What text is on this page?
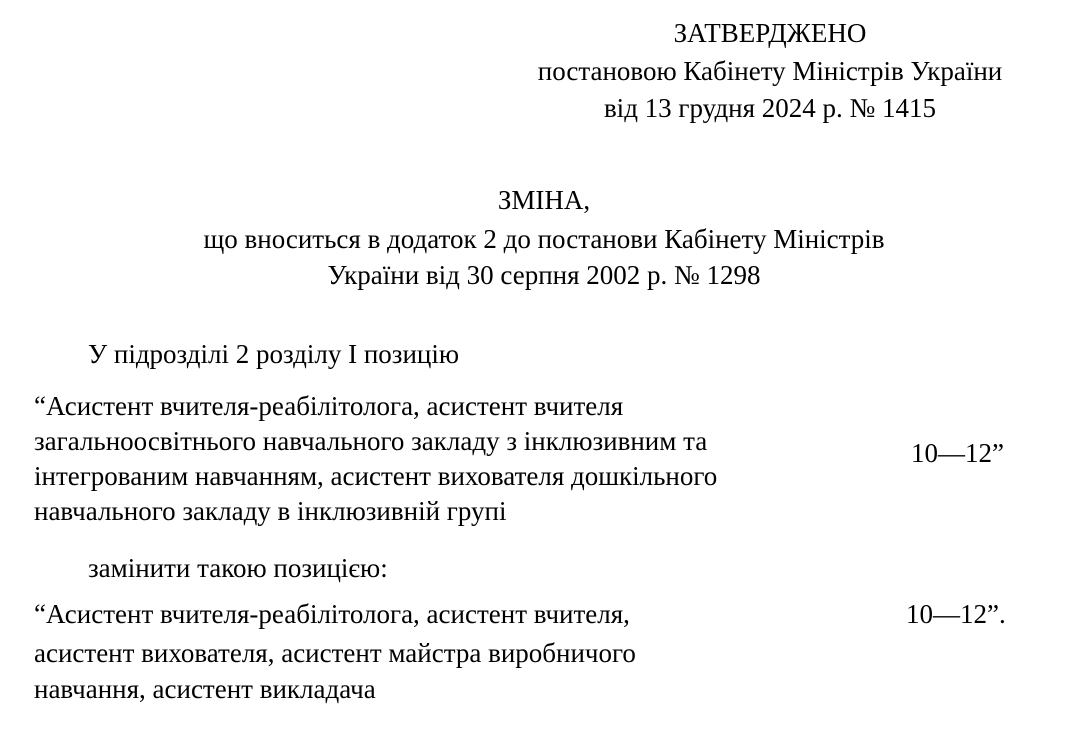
ЗАТВЕРДЖЕНО
постановою Кабінету Міністрів України
від 13 грудня 2024 р. № 1415
ЗМІНА,
що вноситься в додаток 2 до постанови Кабінету Міністрів
України від 30 серпня 2002 р. № 1298
У підрозділі 2 розділу І позицію
“Асистент вчителя-реабілітолога, асистент вчителя
загальноосвітнього навчального закладу з інклюзивним та
інтегрованим навчанням, асистент вихователя дошкільного
навчального закладу в інклюзивній групі
10—12”
замінити такою позицією:
“Асистент вчителя-реабілітолога, асистент вчителя,
асистент вихователя, асистент майстра виробничого
навчання, асистент викладача
10—12”.
